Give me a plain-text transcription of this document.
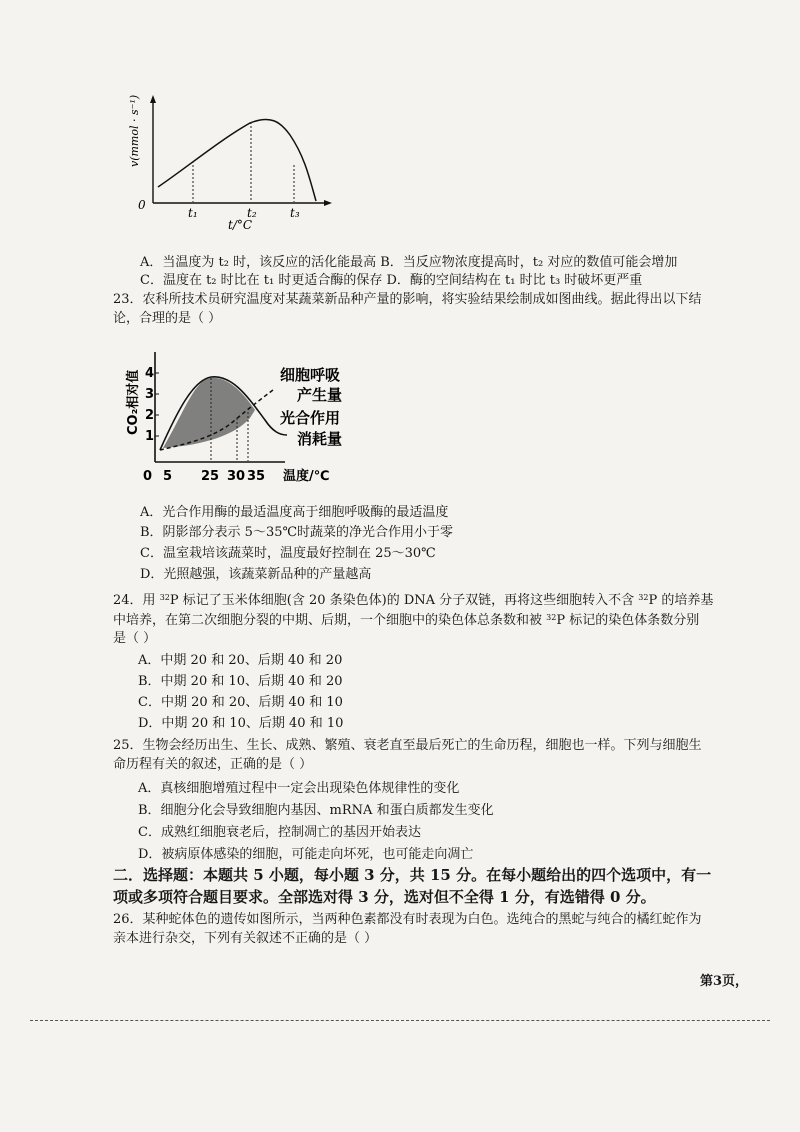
0
t₁	t₂	t₃
t/°C
v(mmol · s⁻¹)
A．当温度为 t₂ 时，该反应的活化能最高 B．当反应物浓度提高时，t₂ 对应的数值可能会增加
C．温度在 t₂ 时比在 t₁ 时更适合酶的保存 D．酶的空间结构在 t₁ 时比 t₃ 时破坏更严重
23．农科所技术员研究温度对某蔬菜新品种产量的影响，将实验结果绘制成如图曲线。据此得出以下结
论，合理的是（ ）
1
2
3
4
0 5 25 30 35 温度/℃
CO₂相对值	细胞呼吸
产生量
光合作用
消耗量
A．光合作用酶的最适温度高于细胞呼吸酶的最适温度
B．阴影部分表示 5～35℃时蔬菜的净光合作用小于零
C．温室栽培该蔬菜时，温度最好控制在 25～30℃
D．光照越强，该蔬菜新品种的产量越高
24．用 $^{32}$P 标记了玉米体细胞(含 20 条染色体)的 DNA 分子双链，再将这些细胞转入不含 $^{32}$P 的培养基
中培养，在第二次细胞分裂的中期、后期，一个细胞中的染色体总条数和被 $^{32}$P 标记的染色体条数分别
是（ ）
A．中期 20 和 20、后期 40 和 20
B．中期 20 和 10、后期 40 和 20
C．中期 20 和 20、后期 40 和 10
D．中期 20 和 10、后期 40 和 10
25．生物会经历出生、生长、成熟、繁殖、衰老直至最后死亡的生命历程，细胞也一样。下列与细胞生
命历程有关的叙述，正确的是（ ）
A．真核细胞增殖过程中一定会出现染色体规律性的变化
B．细胞分化会导致细胞内基因、mRNA 和蛋白质都发生变化
C．成熟红细胞衰老后，控制凋亡的基因开始表达
D．被病原体感染的细胞，可能走向坏死，也可能走向凋亡
二．选择题：本题共 5 小题，每小题 3 分，共 15 分。在每小题给出的四个选项中，有一
项或多项符合题目要求。全部选对得 3 分，选对但不全得 1 分，有选错得 0 分。
26．某种蛇体色的遗传如图所示，当两种色素都没有时表现为白色。选纯合的黑蛇与纯合的橘红蛇作为
亲本进行杂交，下列有关叙述不正确的是（ ）
第3页，
